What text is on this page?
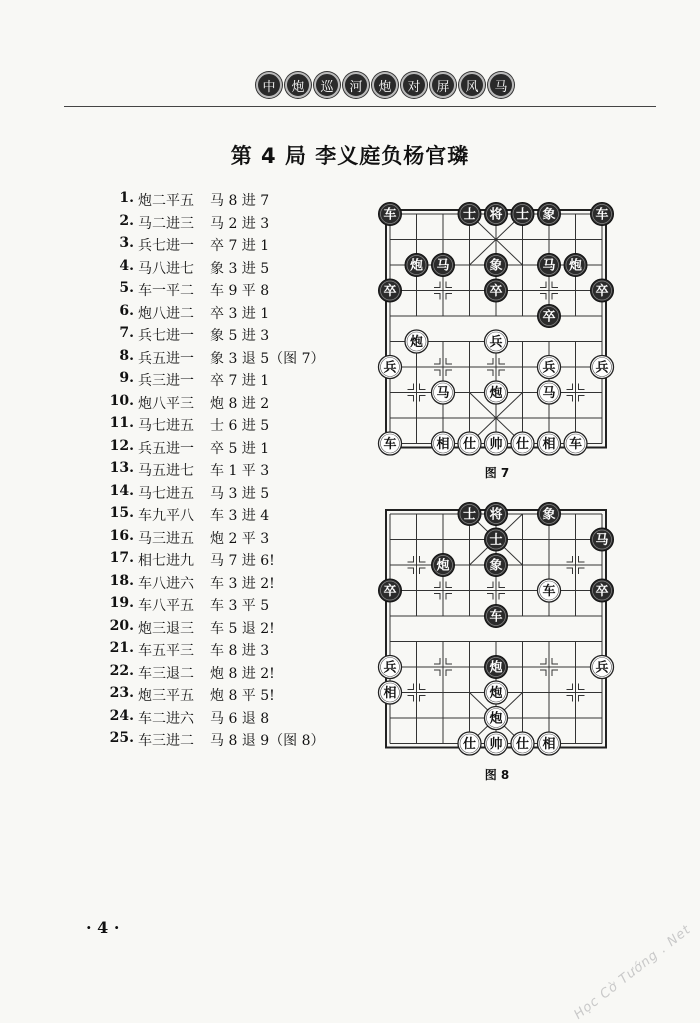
中	炮	巡	河	炮	对	屏	风	马
第 4 局 李义庭负杨官璘
1. 炮二平五	马 8 进 7
2. 马二进三	马 2 进 3
3. 兵七进一	卒 7 进 1
4. 马八进七	象 3 进 5
5. 车一平二	车 9 平 8
6. 炮八进二	卒 3 进 1
7. 兵七进一	象 5 进 3
8. 兵五进一	象 3 退 5（图 7）
9. 兵三进一	卒 7 进 1
10. 炮八平三	炮 8 进 2
11. 马七进五	士 6 进 5
12. 兵五进一	卒 5 进 1
13. 马五进七	车 1 平 3
14. 马七进五	马 3 进 5
15. 车九平八	车 3 进 4
16. 马三进五	炮 2 平 3
17. 相七进九	马 7 进 6!
18. 车八进六	车 3 进 2!
19. 车八平五	车 3 平 5
20. 炮三退三	车 5 退 2!
21. 车五平三	车 8 进 3
22. 车三退二	炮 8 进 2!
23. 炮三平五	炮 8 平 5!
24. 车二进六	马 6 退 8
25. 车三进二	马 8 退 9（图 8）
车	士 将 士 象	车
炮 马	象	马 炮
卒	卒	卒
卒
炮	兵
兵	兵	兵
马	炮	马
车	相 仕 帅 仕 相 车
图 7
士 将	象
士	马
炮	象
卒	车	卒
车
兵	炮	兵
相	炮
炮
仕 帅 仕 相
图 8
· 4 ·	Học Cờ Tướng . Net
